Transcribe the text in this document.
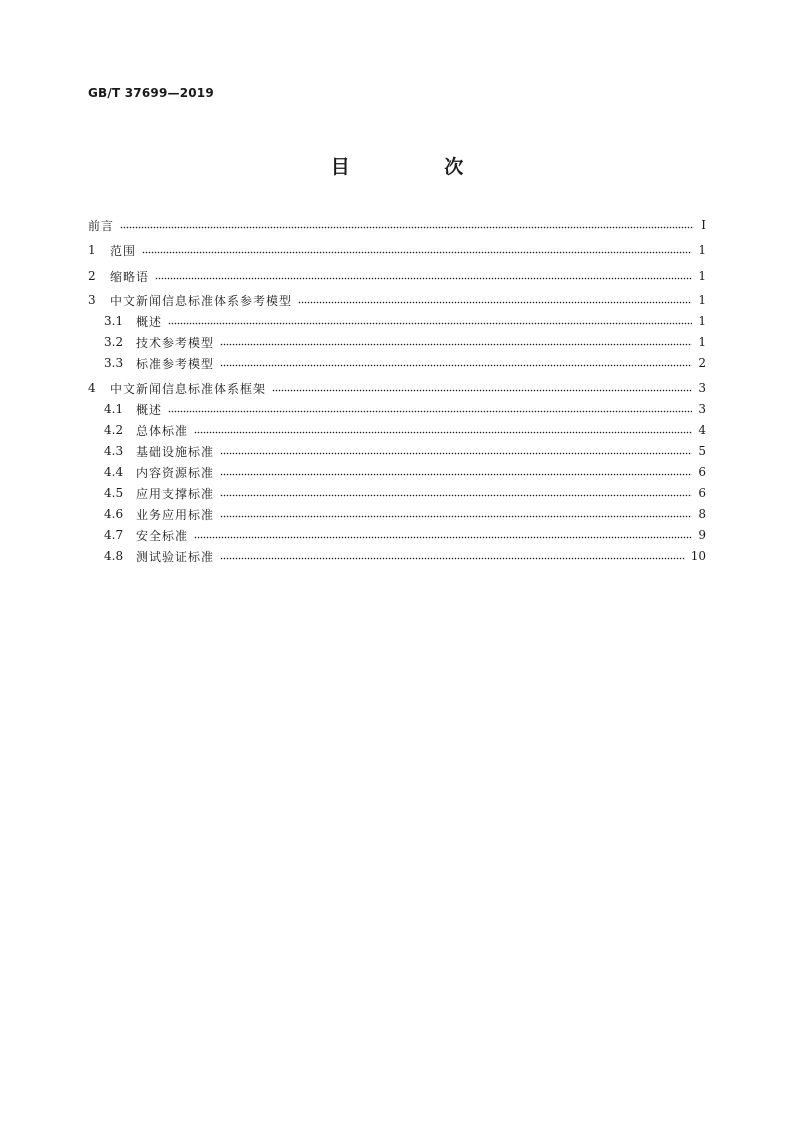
GB/T 37699—2019
目 次
前言	Ⅰ
1	范围	1
2	缩略语	1
3	中文新闻信息标准体系参考模型	1
3.1	概述	1
3.2	技术参考模型	1
3.3	标准参考模型	2
4	中文新闻信息标准体系框架	3
4.1	概述	3
4.2	总体标准	4
4.3	基础设施标准	5
4.4	内容资源标准	6
4.5	应用支撑标准	6
4.6	业务应用标准	8
4.7	安全标准	9
4.8	测试验证标准	10
